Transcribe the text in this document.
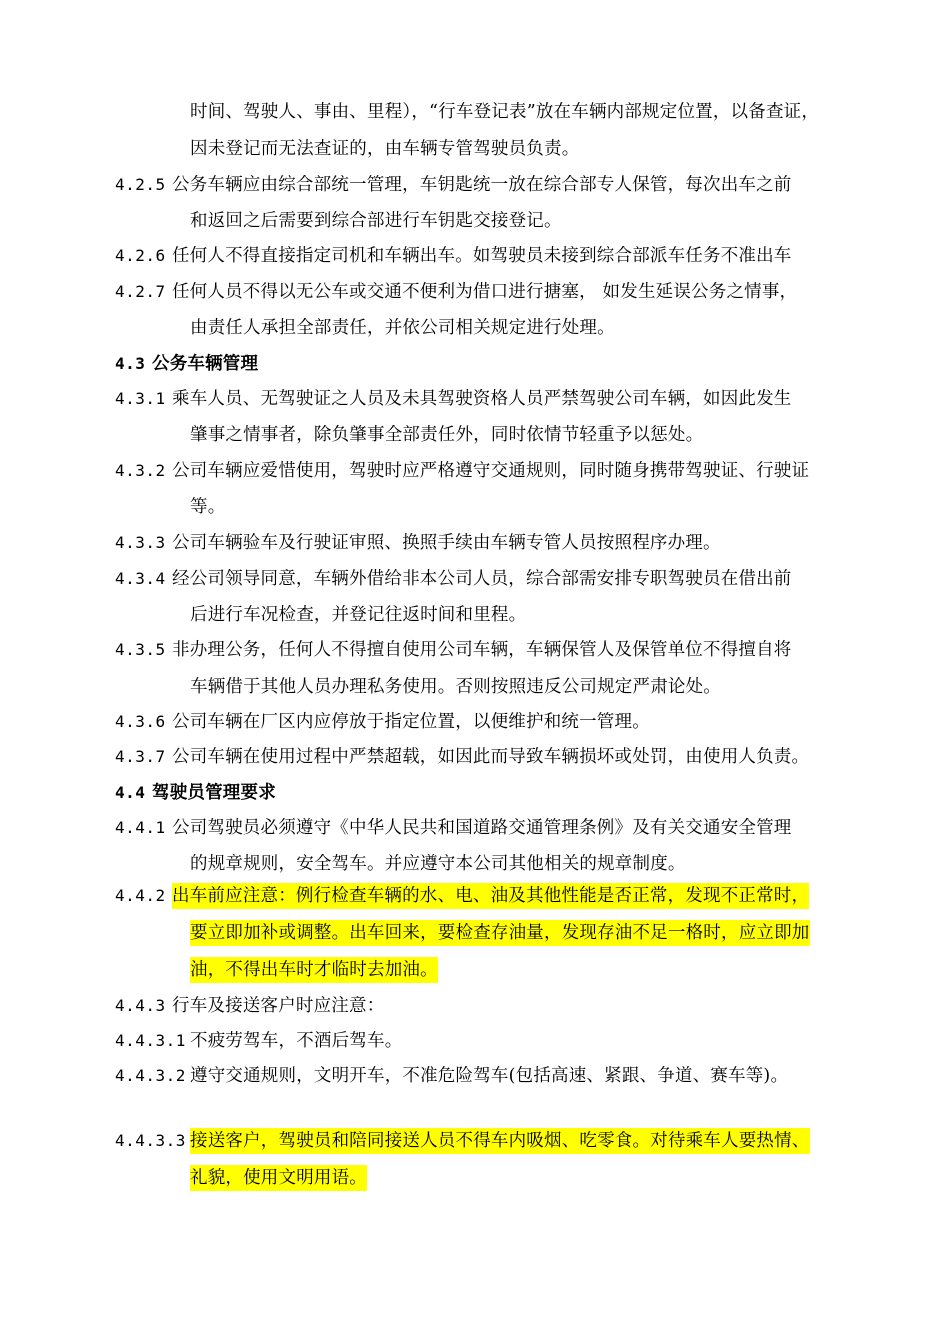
时间、驾驶人、事由、里程），“行车登记表”放在车辆内部规定位置，以备查证，
因未登记而无法查证的，由车辆专管驾驶员负责。
4.2.5 公务车辆应由综合部统一管理，车钥匙统一放在综合部专人保管，每次出车之前
和返回之后需要到综合部进行车钥匙交接登记。
4.2.6 任何人不得直接指定司机和车辆出车。如驾驶员未接到综合部派车任务不准出车
4.2.7 任何人员不得以无公车或交通不便利为借口进行搪塞， 如发生延误公务之情事，
由责任人承担全部责任，并依公司相关规定进行处理。
4.3 公务车辆管理
4.3.1 乘车人员、无驾驶证之人员及未具驾驶资格人员严禁驾驶公司车辆，如因此发生
肇事之情事者，除负肇事全部责任外，同时依情节轻重予以惩处。
4.3.2 公司车辆应爱惜使用，驾驶时应严格遵守交通规则，同时随身携带驾驶证、行驶证
等。
4.3.3 公司车辆验车及行驶证审照、换照手续由车辆专管人员按照程序办理。
4.3.4 经公司领导同意，车辆外借给非本公司人员，综合部需安排专职驾驶员在借出前
后进行车况检查，并登记往返时间和里程。
4.3.5 非办理公务，任何人不得擅自使用公司车辆，车辆保管人及保管单位不得擅自将
车辆借于其他人员办理私务使用。否则按照违反公司规定严肃论处。
4.3.6 公司车辆在厂区内应停放于指定位置，以便维护和统一管理。
4.3.7 公司车辆在使用过程中严禁超载，如因此而导致车辆损坏或处罚，由使用人负责。
4.4 驾驶员管理要求
4.4.1 公司驾驶员必须遵守《中华人民共和国道路交通管理条例》及有关交通安全管理
的规章规则，安全驾车。并应遵守本公司其他相关的规章制度。
4.4.2 出车前应注意：例行检查车辆的水、电、油及其他性能是否正常，发现不正常时，
要立即加补或调整。出车回来，要检查存油量，发现存油不足一格时，应立即加
油，不得出车时才临时去加油。
4.4.3 行车及接送客户时应注意：
4.4.3.1 不疲劳驾车，不酒后驾车。
4.4.3.2 遵守交通规则，文明开车，不准危险驾车(包括高速、紧跟、争道、赛车等)。
4.4.3.3 接送客户，驾驶员和陪同接送人员不得车内吸烟、吃零食。对待乘车人要热情、
礼貌，使用文明用语。
